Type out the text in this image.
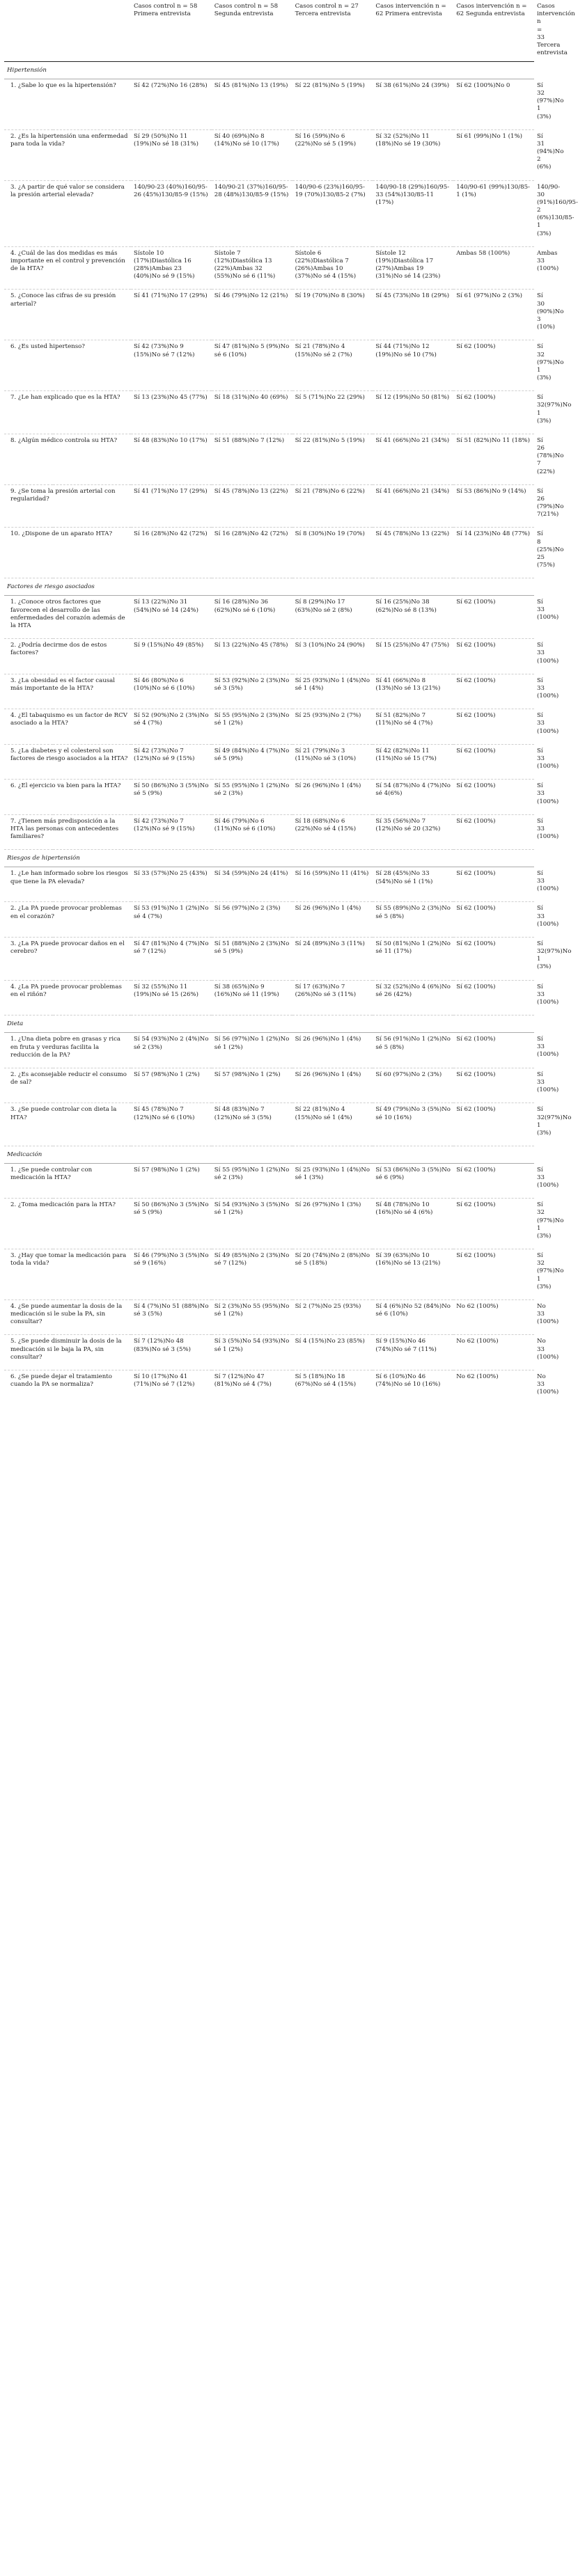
	Casos control n = 58 Primera entrevista	Casos control n = 58 Segunda entrevista	Casos control n = 27 Tercera entrevista	Casos intervención n = 62 Primera entrevista	Casos intervención n = 62 Segunda entrevista	Casos intervención n = 33 Tercera entrevista
Hipertensión						
1. ¿Sabe lo que es la hipertensión?	Sí 42 (72%)No 16 (28%)	Sí 45 (81%)No 13 (19%)	Sí 22 (81%)No 5 (19%)	Sí 38 (61%)No 24 (39%)	Sí 62 (100%)No 0	Sí 32 (97%)No 1 (3%)
2. ¿Es la hipertensión una enfermedad para toda la vida?	Sí 29 (50%)No 11 (19%)No sé 18 (31%)	Sí 40 (69%)No 8 (14%)No sé 10 (17%)	Sí 16 (59%)No 6 (22%)No sé 5 (19%)	Sí 32 (52%)No 11 (18%)No sé 19 (30%)	Sí 61 (99%)No 1 (1%)	Sí 31 (94%)No 2 (6%)
3. ¿A partir de qué valor se considera la presión arterial elevada?	140/90-23 (40%)160/95-26 (45%)130/85-9 (15%)	140/90-21 (37%)160/95-28 (48%)130/85-9 (15%)	140/90-6 (23%)160/95-19 (70%)130/85-2 (7%)	140/90-18 (29%)160/95-33 (54%)130/85-11 (17%)	140/90-61 (99%)130/85-1 (1%)	140/90-30 (91%)160/95-2 (6%)130/85-1 (3%)
4. ¿Cuál de las dos medidas es más importante en el control y prevención de la HTA?	Sístole 10 (17%)Diastólica 16 (28%)Ambas 23 (40%)No sé 9 (15%)	Sístole 7 (12%)Diastólica 13 (22%)Ambas 32 (55%)No sé 6 (11%)	Sístole 6 (22%)Diastólica 7 (26%)Ambas 10 (37%)No sé 4 (15%)	Sístole 12 (19%)Diastólica 17 (27%)Ambas 19 (31%)No sé 14 (23%)	Ambas 58 (100%)	Ambas 33 (100%)
5. ¿Conoce las cifras de su presión arterial?	Sí 41 (71%)No 17 (29%)	Sí 46 (79%)No 12 (21%)	Sí 19 (70%)No 8 (30%)	Sí 45 (73%)No 18 (29%)	Sí 61 (97%)No 2 (3%)	Sí 30 (90%)No 3 (10%)
6. ¿Es usted hipertenso?	Sí 42 (73%)No 9 (15%)No sé 7 (12%)	Sí 47 (81%)No 5 (9%)No sé 6 (10%)	Sí 21 (78%)No 4 (15%)No sé 2 (7%)	Sí 44 (71%)No 12 (19%)No sé 10 (7%)	Sí 62 (100%)	Sí 32 (97%)No 1 (3%)
7. ¿Le han explicado que es la HTA?	Sí 13 (23%)No 45 (77%)	Sí 18 (31%)No 40 (69%)	Sí 5 (71%)No 22 (29%)	Sí 12 (19%)No 50 (81%)	Sí 62 (100%)	Sí 32(97%)No 1 (3%)
8. ¿Algún médico controla su HTA?	Sí 48 (83%)No 10 (17%)	Sí 51 (88%)No 7 (12%)	Sí 22 (81%)No 5 (19%)	Sí 41 (66%)No 21 (34%)	Sí 51 (82%)No 11 (18%)	Sí 26 (78%)No 7 (22%)
9. ¿Se toma la presión arterial con regularidad?	Sí 41 (71%)No 17 (29%)	Sí 45 (78%)No 13 (22%)	Sí 21 (78%)No 6 (22%)	Sí 41 (66%)No 21 (34%)	Sí 53 (86%)No 9 (14%)	Sí 26 (79%)No 7(21%)
10. ¿Dispone de un aparato HTA?	Sí 16 (28%)No 42 (72%)	Sí 16 (28%)No 42 (72%)	Sí 8 (30%)No 19 (70%)	Sí 45 (78%)No 13 (22%)	Sí 14 (23%)No 48 (77%)	Sí 8 (25%)No 25 (75%)
Factores de riesgo asociados						
1. ¿Conoce otros factores que favorecen el desarrollo de las enfermedades del corazón además de la HTA	Sí 13 (22%)No 31 (54%)No sé 14 (24%)	Sí 16 (28%)No 36 (62%)No sé 6 (10%)	Sí 8 (29%)No 17 (63%)No sé 2 (8%)	Sí 16 (25%)No 38 (62%)No sé 8 (13%)	Sí 62 (100%)	Sí 33 (100%)
2. ¿Podría decirme dos de estos factores?	Sí 9 (15%)No 49 (85%)	Sí 13 (22%)No 45 (78%)	Sí 3 (10%)No 24 (90%)	Sí 15 (25%)No 47 (75%)	Sí 62 (100%)	Sí 33 (100%)
3. ¿La obesidad es el factor causal más importante de la HTA?	Sí 46 (80%)No 6 (10%)No sé 6 (10%)	Sí 53 (92%)No 2 (3%)No sé 3 (5%)	Sí 25 (93%)No 1 (4%)No sé 1 (4%)	Sí 41 (66%)No 8 (13%)No sé 13 (21%)	Sí 62 (100%)	Sí 33 (100%)
4. ¿El tabaquismo es un factor de RCV asociado a la HTA?	Sí 52 (90%)No 2 (3%)No sé 4 (7%)	Sí 55 (95%)No 2 (3%)No sé 1 (2%)	Sí 25 (93%)No 2 (7%)	Sí 51 (82%)No 7 (11%)No sé 4 (7%)	Sí 62 (100%)	Sí 33 (100%)
5. ¿La diabetes y el colesterol son factores de riesgo asociados a la HTA?	Sí 42 (73%)No 7 (12%)No sé 9 (15%)	Sí 49 (84%)No 4 (7%)No sé 5 (9%)	Sí 21 (79%)No 3 (11%)No sé 3 (10%)	Sí 42 (82%)No 11 (11%)No sé 15 (7%)	Sí 62 (100%)	Sí 33 (100%)
6. ¿El ejercicio va bien para la HTA?	Sí 50 (86%)No 3 (5%)No sé 5 (9%)	Sí 55 (95%)No 1 (2%)No sé 2 (3%)	Sí 26 (96%)No 1 (4%)	Sí 54 (87%)No 4 (7%)No sé 4(6%)	Sí 62 (100%)	Sí 33 (100%)
7. ¿Tienen más predisposición a la HTA las personas con antecedentes familiares?	Sí 42 (73%)No 7 (12%)No sé 9 (15%)	Sí 46 (79%)No 6 (11%)No sé 6 (10%)	Sí 18 (68%)No 6 (22%)No sé 4 (15%)	Sí 35 (56%)No 7 (12%)No sé 20 (32%)	Sí 62 (100%)	Sí 33 (100%)
Riesgos de hipertensión						
1. ¿Le han informado sobre los riesgos que tiene la PA elevada?	Sí 33 (57%)No 25 (43%)	Sí 34 (59%)No 24 (41%)	Sí 16 (59%)No 11 (41%)	Sí 28 (45%)No 33 (54%)No sé 1 (1%)	Sí 62 (100%)	Sí 33 (100%)
2. ¿La PA puede provocar problemas en el corazón?	Sí 53 (91%)No 1 (2%)No sé 4 (7%)	Sí 56 (97%)No 2 (3%)	Sí 26 (96%)No 1 (4%)	Sí 55 (89%)No 2 (3%)No sé 5 (8%)	Sí 62 (100%)	Sí 33 (100%)
3. ¿La PA puede provocar daños en el cerebro?	Sí 47 (81%)No 4 (7%)No sé 7 (12%)	Sí 51 (88%)No 2 (3%)No sé 5 (9%)	Sí 24 (89%)No 3 (11%)	Sí 50 (81%)No 1 (2%)No sé 11 (17%)	Sí 62 (100%)	Sí 32(97%)No 1 (3%)
4. ¿La PA puede provocar problemas en el riñón?	Sí 32 (55%)No 11 (19%)No sé 15 (26%)	Sí 38 (65%)No 9 (16%)No sé 11 (19%)	Sí 17 (63%)No 7 (26%)No sé 3 (11%)	Sí 32 (52%)No 4 (6%)No sé 26 (42%)	Sí 62 (100%)	Sí 33 (100%)
Dieta						
1. ¿Una dieta pobre en grasas y rica en fruta y verduras facilita la reducción de la PA?	Sí 54 (93%)No 2 (4%)No sé 2 (3%)	Sí 56 (97%)No 1 (2%)No sé 1 (2%)	Sí 26 (96%)No 1 (4%)	Sí 56 (91%)No 1 (2%)No sé 5 (8%)	Sí 62 (100%)	Sí 33 (100%)
2. ¿Es aconsejable reducir el consumo de sal?	Sí 57 (98%)No 1 (2%)	Sí 57 (98%)No 1 (2%)	Sí 26 (96%)No 1 (4%)	Sí 60 (97%)No 2 (3%)	Sí 62 (100%)	Sí 33 (100%)
3. ¿Se puede controlar con dieta la HTA?	Sí 45 (78%)No 7 (12%)No sé 6 (10%)	Sí 48 (83%)No 7 (12%)No sé 3 (5%)	Sí 22 (81%)No 4 (15%)No sé 1 (4%)	Sí 49 (79%)No 3 (5%)No sé 10 (16%)	Sí 62 (100%)	Sí 32(97%)No 1 (3%)
Medicación						
1. ¿Se puede controlar con medicación la HTA?	Sí 57 (98%)No 1 (2%)	Sí 55 (95%)No 1 (2%)No sé 2 (3%)	Sí 25 (93%)No 1 (4%)No sé 1 (3%)	Sí 53 (86%)No 3 (5%)No sé 6 (9%)	Sí 62 (100%)	Sí 33 (100%)
2. ¿Toma medicación para la HTA?	Sí 50 (86%)No 3 (5%)No sé 5 (9%)	Sí 54 (93%)No 3 (5%)No sé 1 (2%)	Sí 26 (97%)No 1 (3%)	Sí 48 (78%)No 10 (16%)No sé 4 (6%)	Sí 62 (100%)	Sí 32 (97%)No 1 (3%)
3. ¿Hay que tomar la medicación para toda la vida?	Sí 46 (79%)No 3 (5%)No sé 9 (16%)	Sí 49 (85%)No 2 (3%)No sé 7 (12%)	Sí 20 (74%)No 2 (8%)No sé 5 (18%)	Sí 39 (63%)No 10 (16%)No sé 13 (21%)	Sí 62 (100%)	Sí 32 (97%)No 1 (3%)
4. ¿Se puede aumentar la dosis de la medicación si le sube la PA, sin consultar?	Sí 4 (7%)No 51 (88%)No sé 3 (5%)	Sí 2 (3%)No 55 (95%)No sé 1 (2%)	Sí 2 (7%)No 25 (93%)	Sí 4 (6%)No 52 (84%)No sé 6 (10%)	No 62 (100%)	No 33 (100%)
5. ¿Se puede disminuir la dosis de la medicación si le baja la PA, sin consultar?	Sí 7 (12%)No 48 (83%)No sé 3 (5%)	Sí 3 (5%)No 54 (93%)No sé 1 (2%)	Sí 4 (15%)No 23 (85%)	Sí 9 (15%)No 46 (74%)No sé 7 (11%)	No 62 (100%)	No 33 (100%)
6. ¿Se puede dejar el tratamiento cuando la PA se normaliza?	Sí 10 (17%)No 41 (71%)No sé 7 (12%)	Sí 7 (12%)No 47 (81%)No sé 4 (7%)	Sí 5 (18%)No 18 (67%)No sé 4 (15%)	Sí 6 (10%)No 46 (74%)No sé 10 (16%)	No 62 (100%)	No 33 (100%)
